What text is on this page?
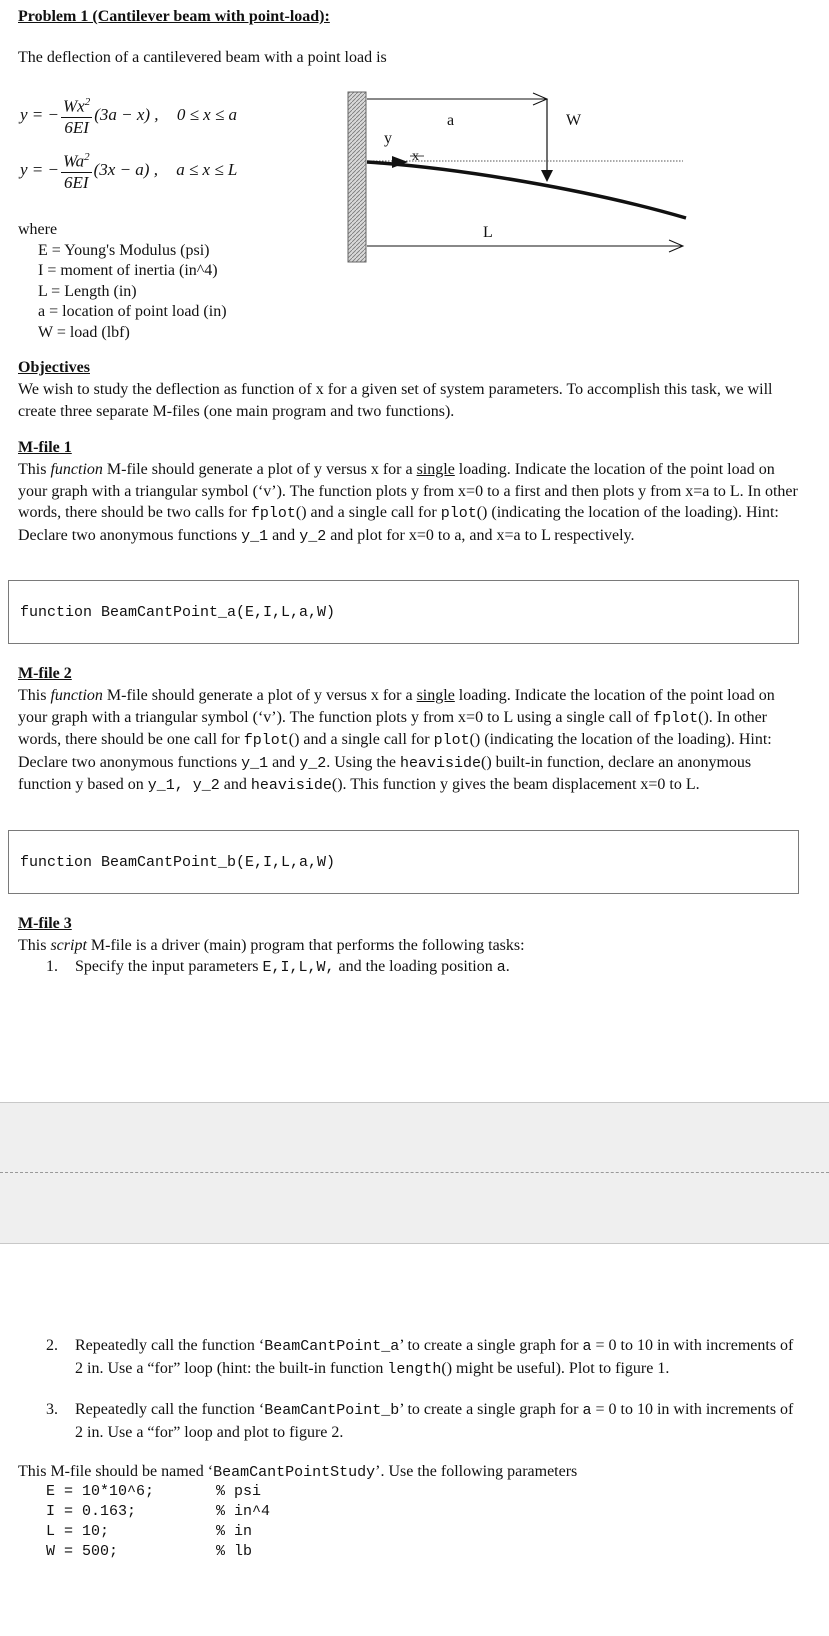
Problem 1 (Cantilever beam with point-load):
The deflection of a cantilevered beam with a point load is
y = − $\frac{Wx^2}{6EI} (3a - x)$ , 0 ≤ x ≤ a
y = − $\frac{Wa^2}{6EI} (3x - a)$ , a ≤ x ≤ L
where
E = Young's Modulus (psi)
I = moment of inertia (in^4)
L = Length (in)
a = location of point load (in)
W = load (lbf)
a	W
y
x
L
Objectives
We wish to study the deflection as function of x for a given set of system parameters. To accomplish this task, we will create three separate M-files (one main program and two functions).
M-file 1
This function M-file should generate a plot of y versus x for a single loading. Indicate the location of the point load on your graph with a triangular symbol (‘v’). The function plots y from x=0 to a first and then plots y from x=a to L. In other words, there should be two calls for fplot() and a single call for plot() (indicating the location of the loading). Hint: Declare two anonymous functions y_1 and y_2 and plot for x=0 to a, and x=a to L respectively.
function BeamCantPoint_a(E,I,L,a,W)
M-file 2
This function M-file should generate a plot of y versus x for a single loading. Indicate the location of the point load on your graph with a triangular symbol (‘v’). The function plots y from x=0 to L using a single call of fplot(). In other words, there should be one call for fplot() and a single call for plot() (indicating the location of the loading). Hint: Declare two anonymous functions y_1 and y_2. Using the heaviside() built-in function, declare an anonymous function y based on y_1, y_2 and heaviside(). This function y gives the beam displacement x=0 to L.
function BeamCantPoint_b(E,I,L,a,W)
M-file 3
This script M-file is a driver (main) program that performs the following tasks:
1. Specify the input parameters E,I,L,W, and the loading position a.
2. Repeatedly call the function ‘BeamCantPoint_a’ to create a single graph for a = 0 to 10 in with increments of 2 in. Use a “for” loop (hint: the built-in function length() might be useful). Plot to figure 1.
3. Repeatedly call the function ‘BeamCantPoint_b’ to create a single graph for a = 0 to 10 in with increments of 2 in. Use a “for” loop and plot to figure 2.
This M-file should be named ‘BeamCantPointStudy’. Use the following parameters
E = 10*10^6;	% psi
I = 0.163;	% in^4
L = 10;	% in
W = 500;	% lb
